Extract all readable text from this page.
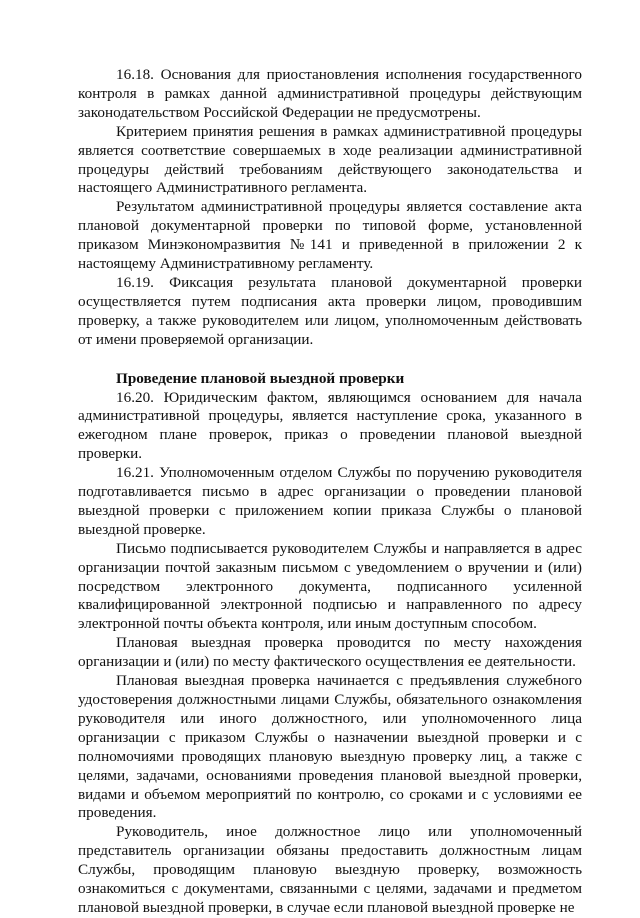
16.18. Основания для приостановления исполнения государственного контроля в рамках данной административной процедуры действующим законодательством Российской Федерации не предусмотрены.

Критерием принятия решения в рамках административной процедуры является соответствие совершаемых в ходе реализации административной процедуры действий требованиям действующего законодательства и настоящего Административного регламента.

Результатом административной процедуры является составление акта плановой документарной проверки по типовой форме, установленной приказом Минэкономразвития №141 и приведенной в приложении 2 к настоящему Административному регламенту.

16.19. Фиксация результата плановой документарной проверки осуществляется путем подписания акта проверки лицом, проводившим проверку, а также руководителем или лицом, уполномоченным действовать от имени проверяемой организации.

Проведение плановой выездной проверки

16.20. Юридическим фактом, являющимся основанием для начала административной процедуры, является наступление срока, указанного в ежегодном плане проверок, приказ о проведении плановой выездной проверки.

16.21. Уполномоченным отделом Службы по поручению руководителя подготавливается письмо в адрес организации о проведении плановой выездной проверки с приложением копии приказа Службы о плановой выездной проверке.

Письмо подписывается руководителем Службы и направляется в адрес организации почтой заказным письмом с уведомлением о вручении и (или) посредством электронного документа, подписанного усиленной квалифицированной электронной подписью и направленного по адресу электронной почты объекта контроля, или иным доступным способом.

Плановая выездная проверка проводится по месту нахождения организации и (или) по месту фактического осуществления ее деятельности.

Плановая выездная проверка начинается с предъявления служебного удостоверения должностными лицами Службы, обязательного ознакомления руководителя или иного должностного, или уполномоченного лица организации с приказом Службы о назначении выездной проверки и с полномочиями проводящих плановую выездную проверку лиц, а также с целями, задачами, основаниями проведения плановой выездной проверки, видами и объемом мероприятий по контролю, со сроками и с условиями ее проведения.

Руководитель, иное должностное лицо или уполномоченный представитель организации обязаны предоставить должностным лицам Службы, проводящим плановую выездную проверку, возможность ознакомиться с документами, связанными с целями, задачами и предметом плановой выездной проверки, в случае если плановой выездной проверке не
